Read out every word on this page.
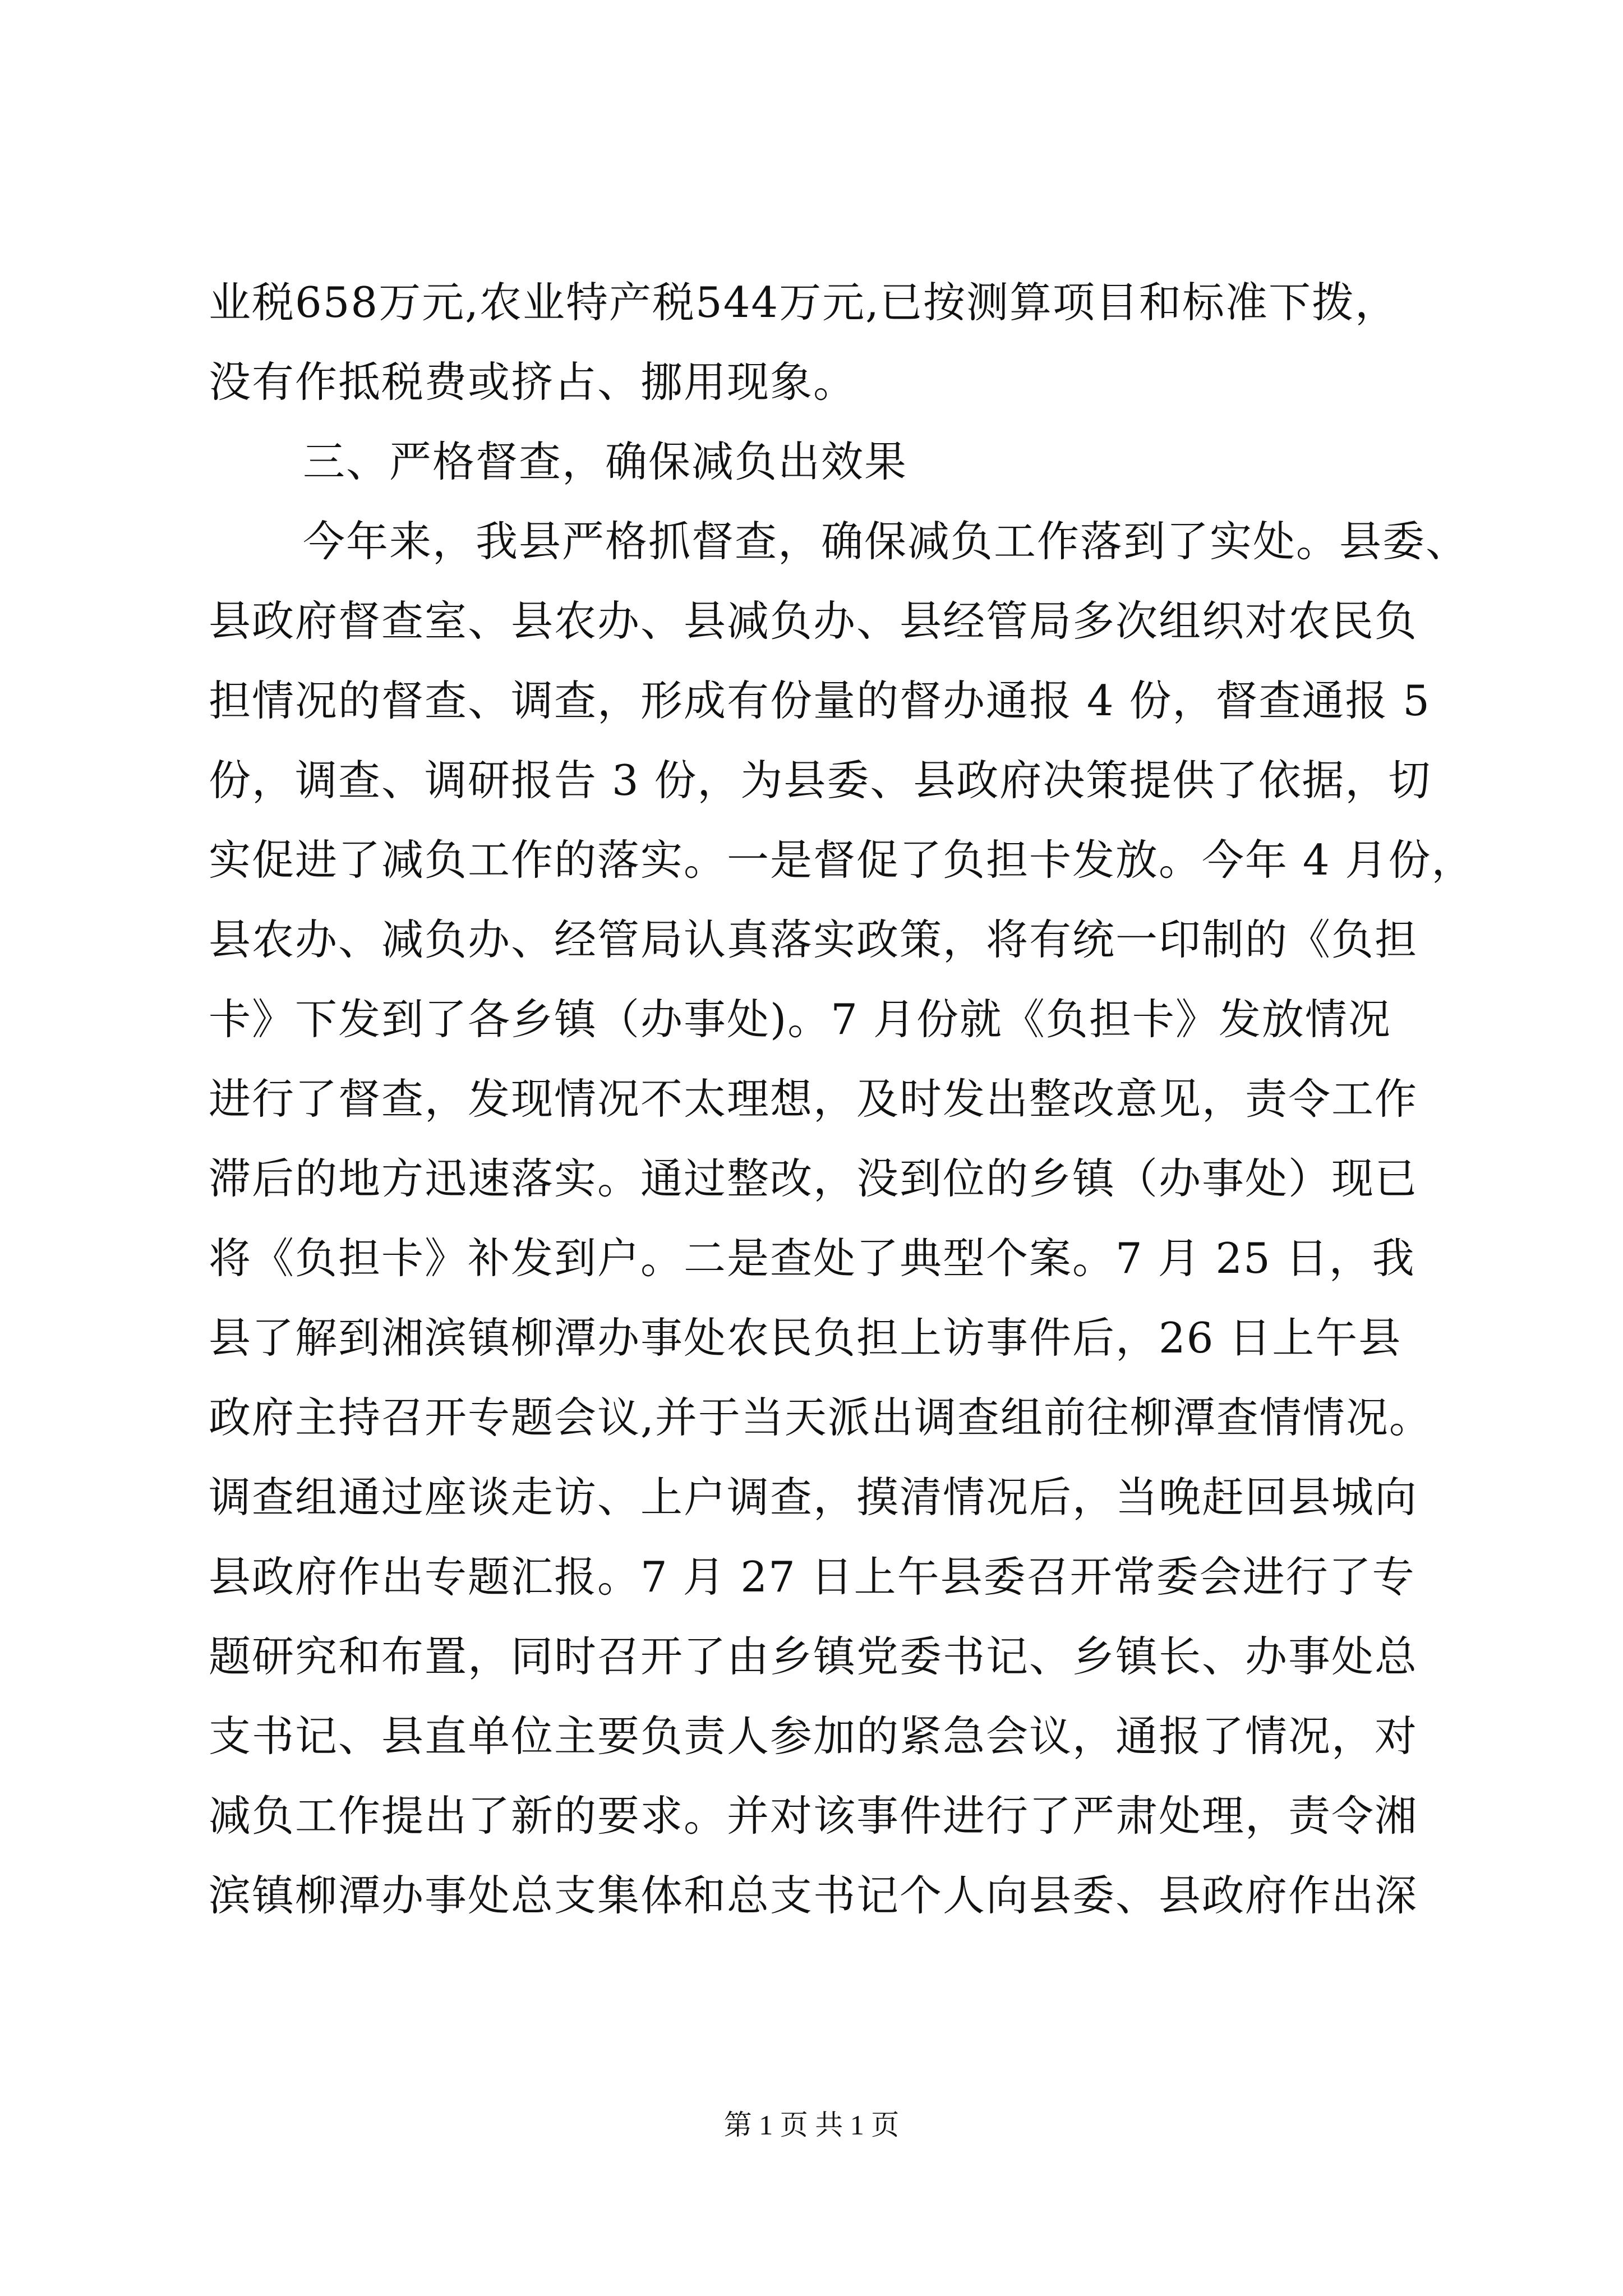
业税658万元,农业特产税544万元,已按测算项目和标准下拨，
没有作抵税费或挤占、挪用现象。
三、严格督查，确保减负出效果
今年来，我县严格抓督查，确保减负工作落到了实处。县委、
县政府督查室、县农办、县减负办、县经管局多次组织对农民负
担情况的督查、调查，形成有份量的督办通报 4 份，督查通报 5
份，调查、调研报告 3 份，为县委、县政府决策提供了依据，切
实促进了减负工作的落实。一是督促了负担卡发放。今年 4 月份，
县农办、减负办、经管局认真落实政策，将有统一印制的《负担
卡》下发到了各乡镇（办事处)。7 月份就《负担卡》发放情况
进行了督查，发现情况不太理想，及时发出整改意见，责令工作
滞后的地方迅速落实。通过整改，没到位的乡镇（办事处）现已
将《负担卡》补发到户。二是查处了典型个案。7 月 25 日，我
县了解到湘滨镇柳潭办事处农民负担上访事件后，26 日上午县
政府主持召开专题会议,并于当天派出调查组前往柳潭查情情况。
调查组通过座谈走访、上户调查，摸清情况后，当晚赶回县城向
县政府作出专题汇报。7 月 27 日上午县委召开常委会进行了专
题研究和布置，同时召开了由乡镇党委书记、乡镇长、办事处总
支书记、县直单位主要负责人参加的紧急会议，通报了情况，对
减负工作提出了新的要求。并对该事件进行了严肃处理，责令湘
滨镇柳潭办事处总支集体和总支书记个人向县委、县政府作出深
第 1 页 共 1 页
